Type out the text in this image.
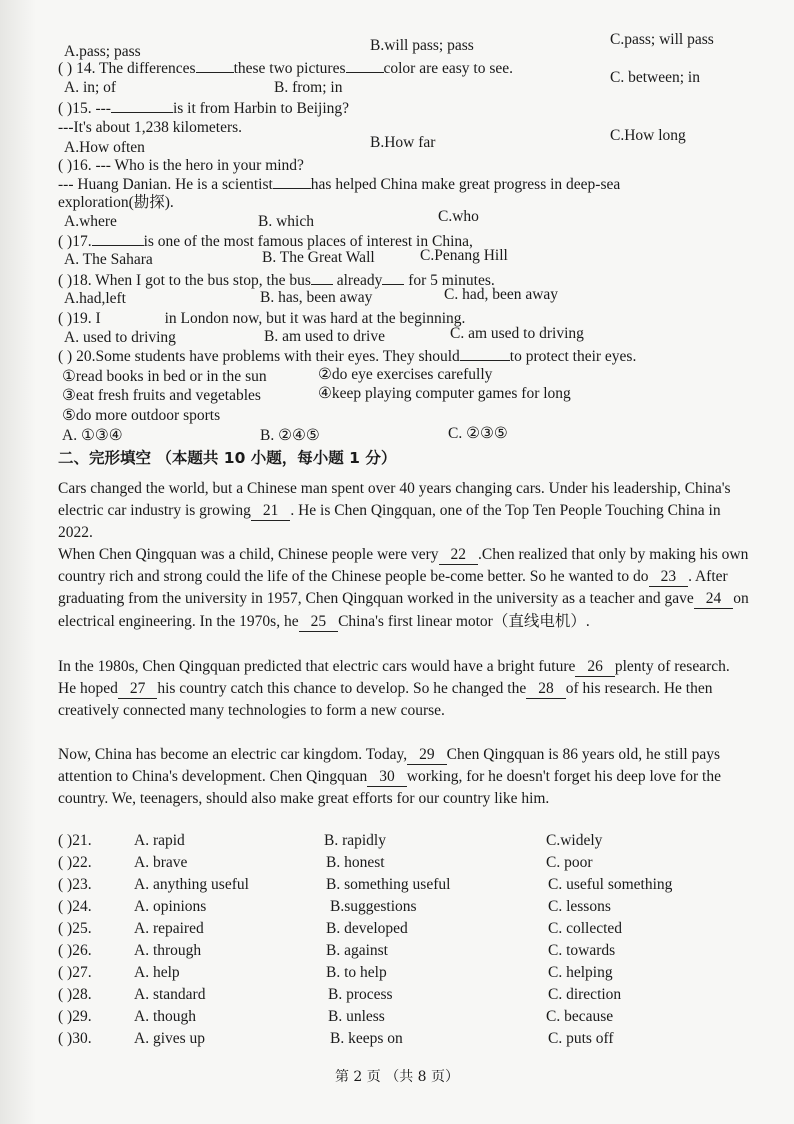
A.pass; pass	B.will pass; pass	C.pass; will pass
( ) 14. The differences these two pictures color are easy to see.
A. in; of	B. from; in
C. between; in
( )15. ---	is it from Harbin to Beijing?
---It's about 1,238 kilometers.
A.How often	B.How far	C.How long
( )16. --- Who is the hero in your mind?
--- Huang Danian. He is a scientist has helped China make great progress in deep-sea
exploration(勘探).
A.where	B. which	C.who
( )17.	is one of the most famous places of interest in China,
A. The Sahara	B. The Great Wall	C.Penang Hill
( )18. When I got to the bus stop, the bus already for 5 minutes.
A.had,left	B. has, been away	C. had, been away
( )19. I	in London now, but it was hard at the beginning.
A. used to driving	B. am used to drive	C. am used to driving
( ) 20.Some students have problems with their eyes. They should	to protect their eyes.
①read books in bed or in the sun	②do eye exercises carefully
③eat fresh fruits and vegetables	④keep playing computer games for long
⑤do more outdoor sports
A. ①③④	B. ②④⑤	C. ②③⑤
二、完形填空 （本题共 10 小题，每小题 1 分）
Cars changed the world, but a Chinese man spent over 40 years changing cars. Under his leadership, China's electric car industry is growing 21 . He is Chen Qingquan, one of the Top Ten People Touching China in 2022.
When Chen Qingquan was a child, Chinese people were very 22 .Chen realized that only by making his own country rich and strong could the life of the Chinese people be-come better. So he wanted to do 23 . After graduating from the university in 1957, Chen Qingquan worked in the university as a teacher and gave 24 on electrical engineering. In the 1970s, he 25 China's first linear motor（直线电机）.
In the 1980s, Chen Qingquan predicted that electric cars would have a bright future 26 plenty of research. He hoped 27 his country catch this chance to develop. So he changed the 28 of his research. He then creatively connected many technologies to form a new course.
Now, China has become an electric car kingdom. Today, 29 Chen Qingquan is 86 years old, he still pays attention to China's development. Chen Qingquan 30 working, for he doesn't forget his deep love for the country. We, teenagers, should also make great efforts for our country like him.
( )21.	A. rapid	B. rapidly	C.widely
( )22.	A. brave	B. honest	C. poor
( )23.	A. anything useful	B. something useful	C. useful something
( )24.	A. opinions	B.suggestions	C. lessons
( )25.	A. repaired	B. developed	C. collected
( )26.	A. through	B. against	C. towards
( )27.	A. help	B. to help	C. helping
( )28.	A. standard	B. process	C. direction
( )29.	A. though	B. unless	C. because
( )30.	A. gives up	B. keeps on	C. puts off
第 2 页 （共 8 页）
